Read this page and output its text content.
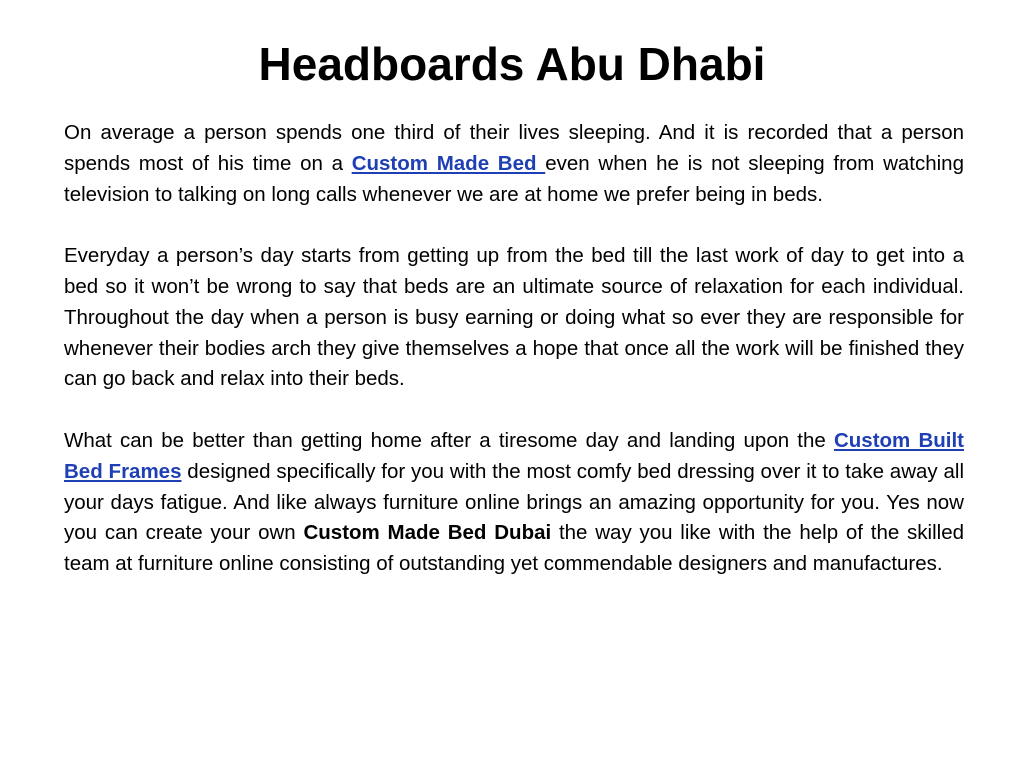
Headboards Abu Dhabi

On average a person spends one third of their lives sleeping. And it is recorded that a person spends most of his time on a Custom Made Bed even when he is not sleeping from watching television to talking on long calls whenever we are at home we prefer being in beds.

Everyday a person’s day starts from getting up from the bed till the last work of day to get into a bed so it won’t be wrong to say that beds are an ultimate source of relaxation for each individual. Throughout the day when a person is busy earning or doing what so ever they are responsible for whenever their bodies arch they give themselves a hope that once all the work will be finished they can go back and relax into their beds.

What can be better than getting home after a tiresome day and landing upon the Custom Built Bed Frames designed specifically for you with the most comfy bed dressing over it to take away all your days fatigue. And like always furniture online brings an amazing opportunity for you. Yes now you can create your own Custom Made Bed Dubai the way you like with the help of the skilled team at furniture online consisting of outstanding yet commendable designers and manufactures.
